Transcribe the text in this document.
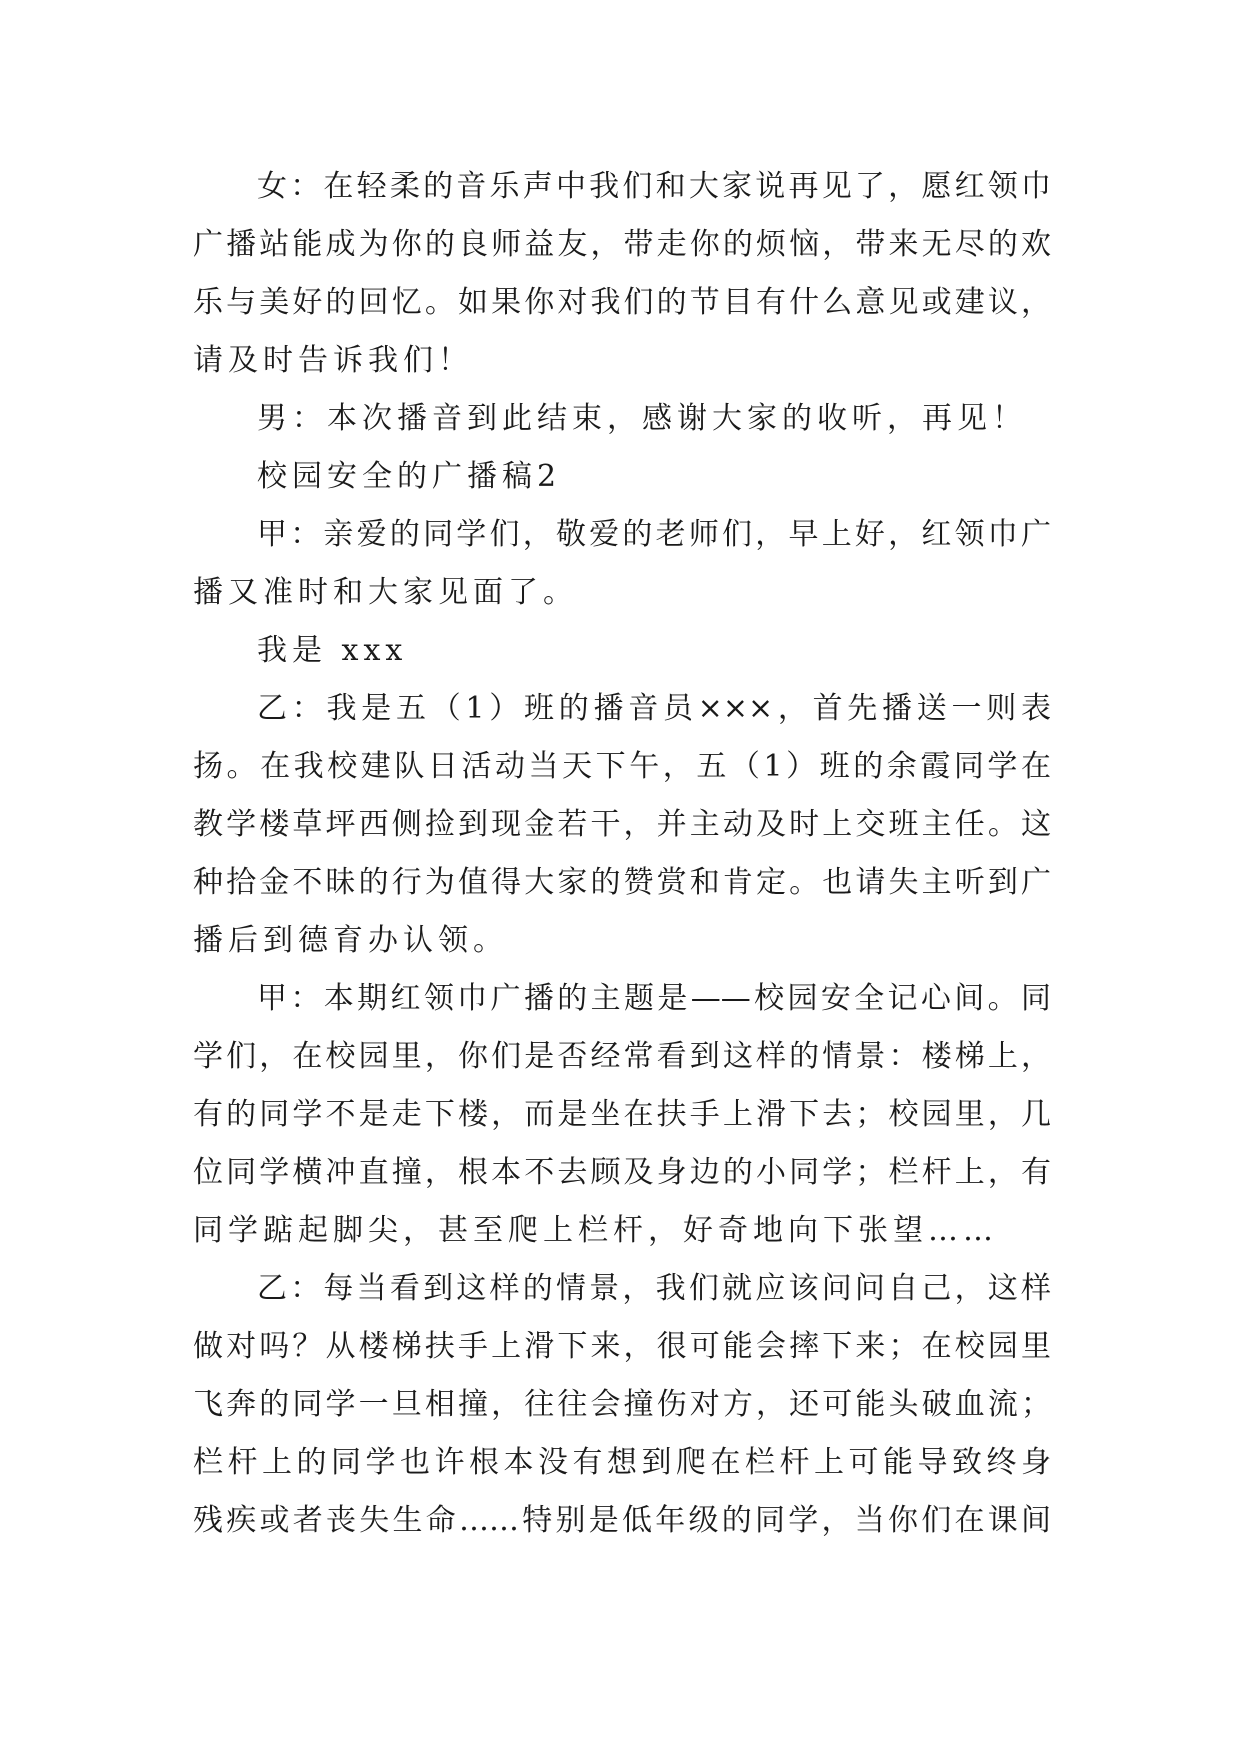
女：在轻柔的音乐声中我们和大家说再见了，愿红领巾
广播站能成为你的良师益友，带走你的烦恼，带来无尽的欢
乐与美好的回忆。如果你对我们的节目有什么意见或建议，
请及时告诉我们！
男：本次播音到此结束，感谢大家的收听，再见！
校园安全的广播稿2
甲：亲爱的同学们，敬爱的老师们，早上好，红领巾广
播又准时和大家见面了。
我是 xxx
乙：我是五（1）班的播音员×××，首先播送一则表
扬。在我校建队日活动当天下午，五（1）班的余霞同学在
教学楼草坪西侧捡到现金若干，并主动及时上交班主任。这
种拾金不昧的行为值得大家的赞赏和肯定。也请失主听到广
播后到德育办认领。
甲：本期红领巾广播的主题是——校园安全记心间。同
学们，在校园里，你们是否经常看到这样的情景：楼梯上，
有的同学不是走下楼，而是坐在扶手上滑下去；校园里，几
位同学横冲直撞，根本不去顾及身边的小同学；栏杆上，有
同学踮起脚尖，甚至爬上栏杆，好奇地向下张望……
乙：每当看到这样的情景，我们就应该问问自己，这样
做对吗？从楼梯扶手上滑下来，很可能会摔下来；在校园里
飞奔的同学一旦相撞，往往会撞伤对方，还可能头破血流；
栏杆上的同学也许根本没有想到爬在栏杆上可能导致终身
残疾或者丧失生命……特别是低年级的同学，当你们在课间
